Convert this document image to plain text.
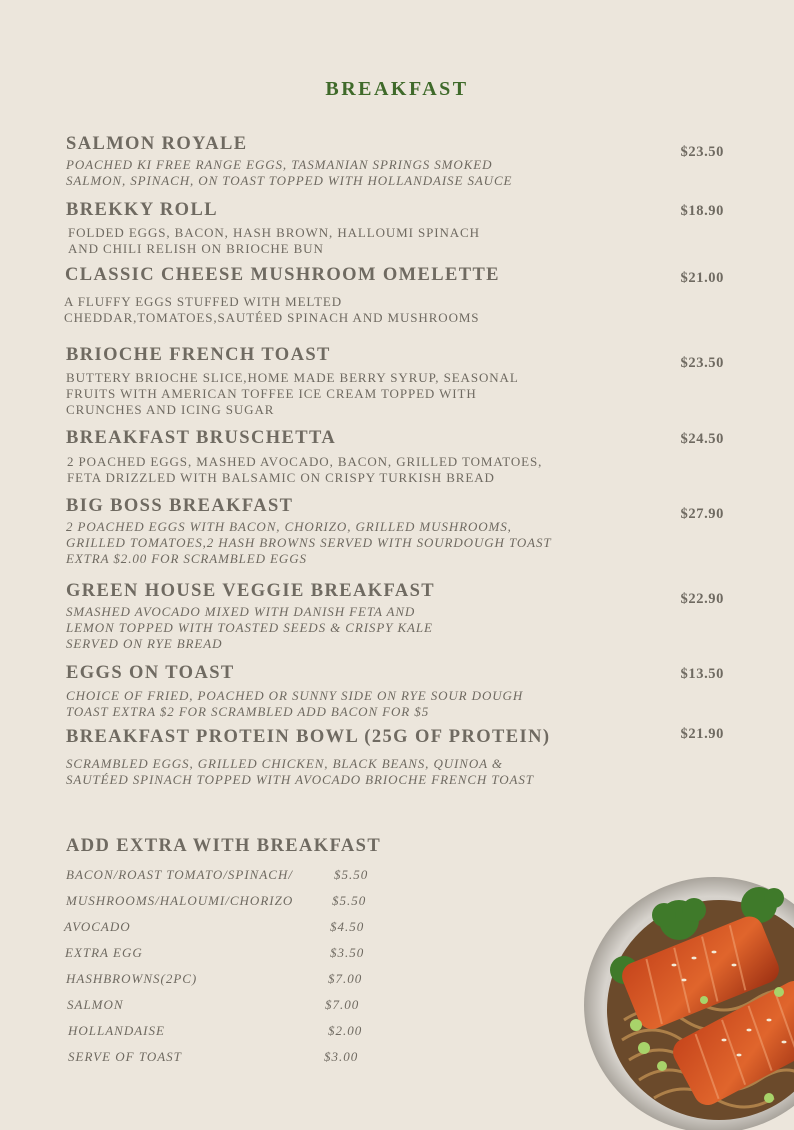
BREAKFAST
SALMON ROYALE
POACHED KI FREE RANGE EGGS, TASMANIAN SPRINGS SMOKED
SALMON, SPINACH, ON TOAST TOPPED WITH HOLLANDAISE SAUCE
$23.50
BREKKY ROLL
FOLDED EGGS, BACON, HASH BROWN, HALLOUMI SPINACH
AND CHILI RELISH ON BRIOCHE BUN
$18.90
CLASSIC CHEESE MUSHROOM OMELETTE
A FLUFFY EGGS STUFFED WITH MELTED
CHEDDAR,TOMATOES,SAUTÉED SPINACH AND MUSHROOMS
$21.00
BRIOCHE FRENCH TOAST
BUTTERY BRIOCHE SLICE,HOME MADE BERRY SYRUP, SEASONAL
FRUITS WITH AMERICAN TOFFEE ICE CREAM TOPPED WITH
CRUNCHES AND ICING SUGAR
$23.50
BREAKFAST BRUSCHETTA
2 POACHED EGGS, MASHED AVOCADO, BACON, GRILLED TOMATOES,
FETA DRIZZLED WITH BALSAMIC ON CRISPY TURKISH BREAD
$24.50
BIG BOSS BREAKFAST
2 POACHED EGGS WITH BACON, CHORIZO, GRILLED MUSHROOMS,
GRILLED TOMATOES,2 HASH BROWNS SERVED WITH SOURDOUGH TOAST
EXTRA $2.00 FOR SCRAMBLED EGGS
$27.90
GREEN HOUSE VEGGIE BREAKFAST
SMASHED AVOCADO MIXED WITH DANISH FETA AND
LEMON TOPPED WITH TOASTED SEEDS & CRISPY KALE
SERVED ON RYE BREAD
$22.90
EGGS ON TOAST
CHOICE OF FRIED, POACHED OR SUNNY SIDE ON RYE SOUR DOUGH
TOAST EXTRA $2 FOR SCRAMBLED ADD BACON FOR $5
$13.50
BREAKFAST PROTEIN BOWL (25G OF PROTEIN)
SCRAMBLED EGGS, GRILLED CHICKEN, BLACK BEANS, QUINOA &
SAUTÉED SPINACH TOPPED WITH AVOCADO BRIOCHE FRENCH TOAST
$21.90
ADD EXTRA WITH BREAKFAST
BACON/ROAST TOMATO/SPINACH/	$5.50
MUSHROOMS/HALOUMI/CHORIZO	$5.50
AVOCADO	$4.50
EXTRA EGG	$3.50
HASHBROWNS(2PC)	$7.00
SALMON	$7.00
HOLLANDAISE	$2.00
SERVE OF TOAST	$3.00
